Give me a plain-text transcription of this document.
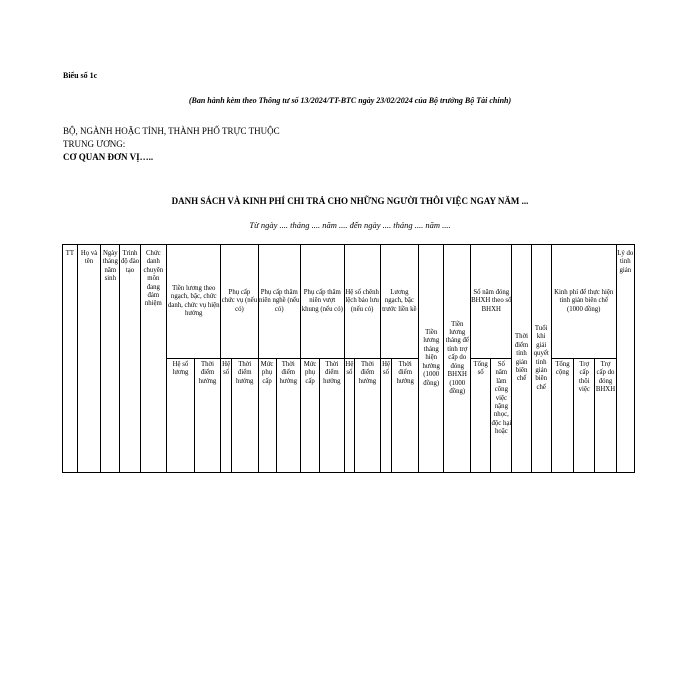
Biểu số 1c
(Ban hành kèm theo Thông tư số 13/2024/TT-BTC ngày 23/02/2024 của Bộ trưởng Bộ Tài chính)
BỘ, NGÀNH HOẶC TỈNH, THÀNH PHỐ TRỰC THUỘC
TRUNG ƯƠNG:
CƠ QUAN ĐƠN VỊ…..
DANH SÁCH VÀ KINH PHÍ CHI TRẢ CHO NHỮNG NGƯỜI THÔI VIỆC NGAY NĂM ...
Từ ngày .... tháng .... năm .... đến ngày .... tháng .... năm ....
TT	Họ và tên	Ngày tháng năm sinh	Trình độ đào tạo	Chức danh chuyên môn đang đảm nhiệm	Tiền lương theo ngạch, bậc, chức danh, chức vụ hiện hưởng		Phụ cấp chức vụ (nếu có)		Phụ cấp thâm niên nghề (nếu có)		Phụ cấp thâm niên vượt khung (nếu có)		Hệ số chênh lệch bảo lưu (nếu có)		Lương ngạch, bậc trước liền kề		Tiền lương tháng hiện hưởng (1000 đồng)	Tiền lương tháng để tính trợ cấp do đóng BHXH (1000 đồng)	Số năm đóng BHXH theo sổ BHXH		Thời điểm tính giản biên chế	Tuổi khi giải quyết tinh giản biên chế	Kinh phí để thực hiện tinh giản biên chế (1000 đồng)			Lý do tinh giản
					Hệ số lương	Thời điểm hưởng	Hệ số	Thời điểm hưởng	Mức phụ cấp	Thời điểm hưởng	Mức phụ cấp	Thời điểm hưởng	Hệ số	Thời điểm hưởng	Hệ số	Thời điểm hưởng			Tổng số	Số năm làm công việc nặng nhọc, độc hại hoặc			Tổng cộng	Trợ cấp thôi việc	Trợ cấp do đóng BHXH	
